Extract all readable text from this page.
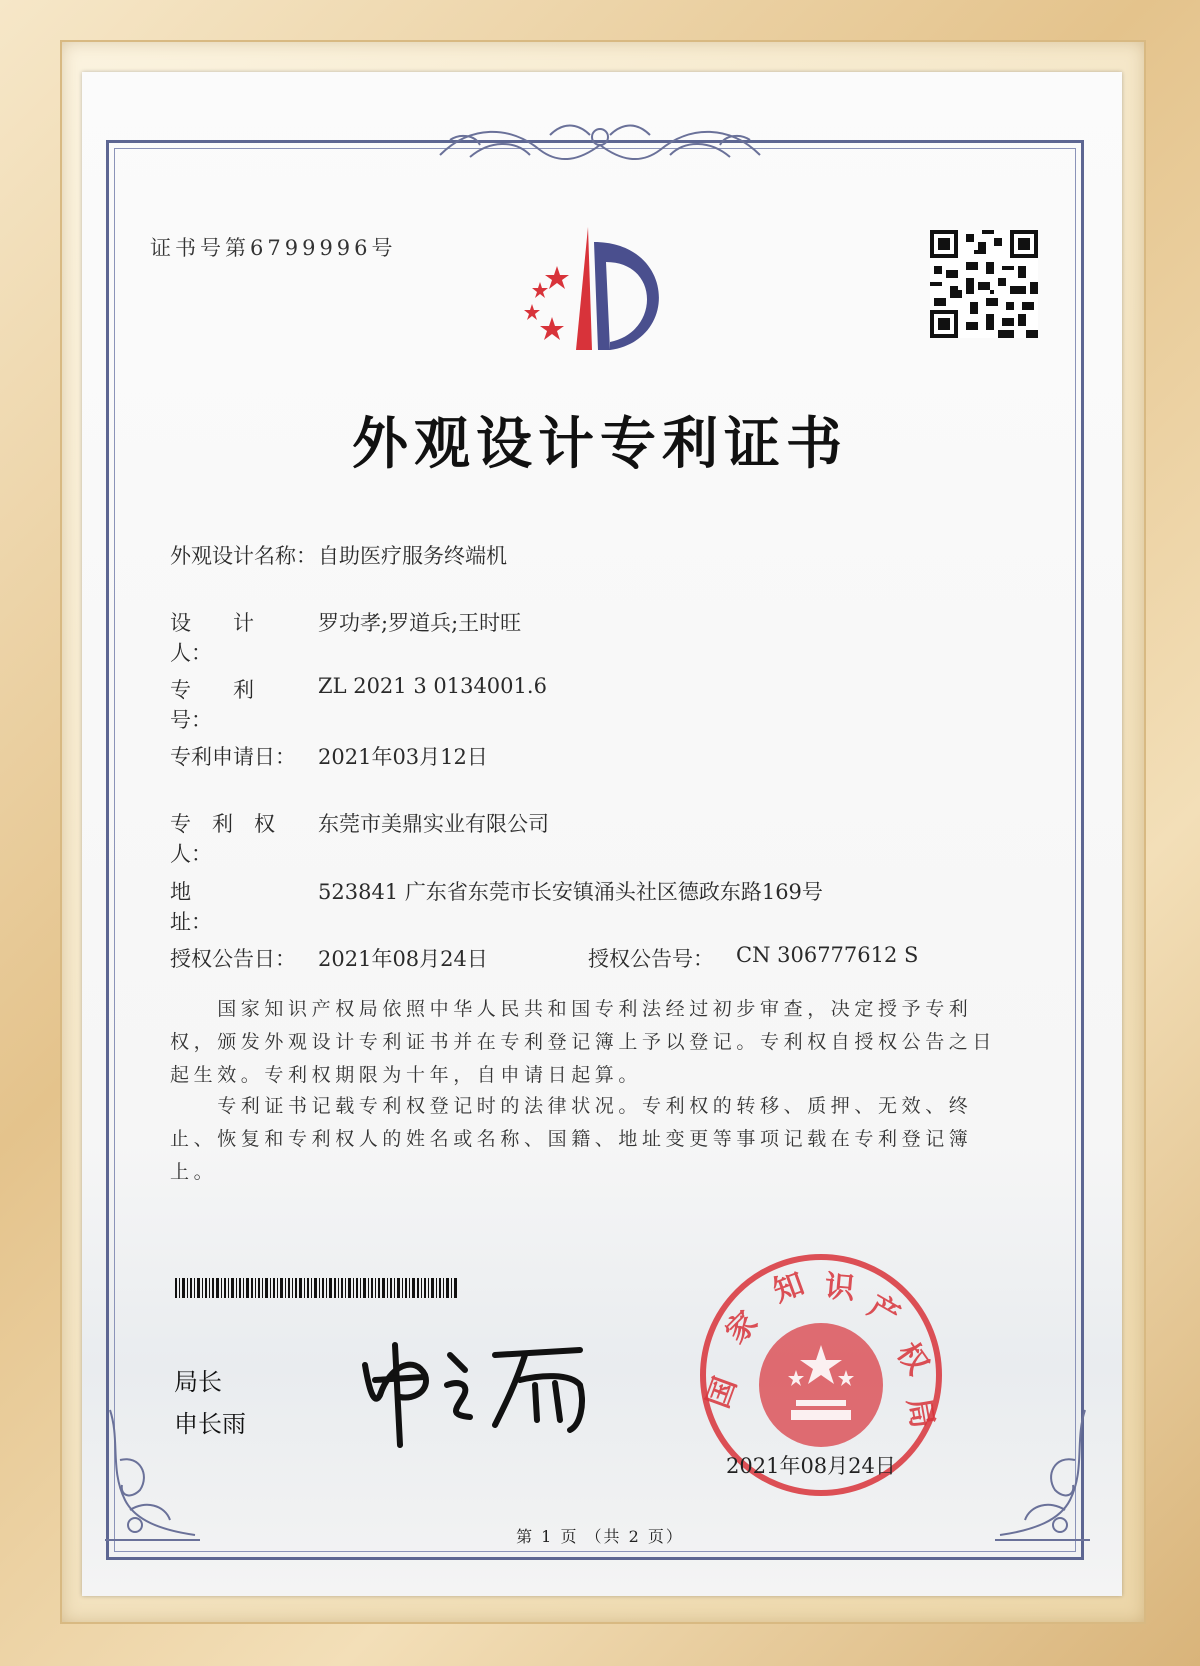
证书号第6799996号
外观设计专利证书
外观设计名称： 自助医疗服务终端机
设　　计　　人：
罗功孝;罗道兵;王时旺
专　　利　　号：
ZL 2021 3 0134001.6
专利申请日：	2021年03月12日
专　利　权　人：
东莞市美鼎实业有限公司
地　　　　　址：
523841 广东省东莞市长安镇涌头社区德政东路169号
授权公告日：	2021年08月24日	授权公告号：	CN 306777612 S
　　国家知识产权局依照中华人民共和国专利法经过初步审查，决定授予专利权，颁发外观设计专利证书并在专利登记簿上予以登记。专利权自授权公告之日起生效。专利权期限为十年，自申请日起算。
　　专利证书记载专利权登记时的法律状况。专利权的转移、质押、无效、终止、恢复和专利权人的姓名或名称、国籍、地址变更等事项记载在专利登记簿上。
局长
申长雨
国
家
知 识
产
权
局
2021年08月24日
第 1 页 （共 2 页）
